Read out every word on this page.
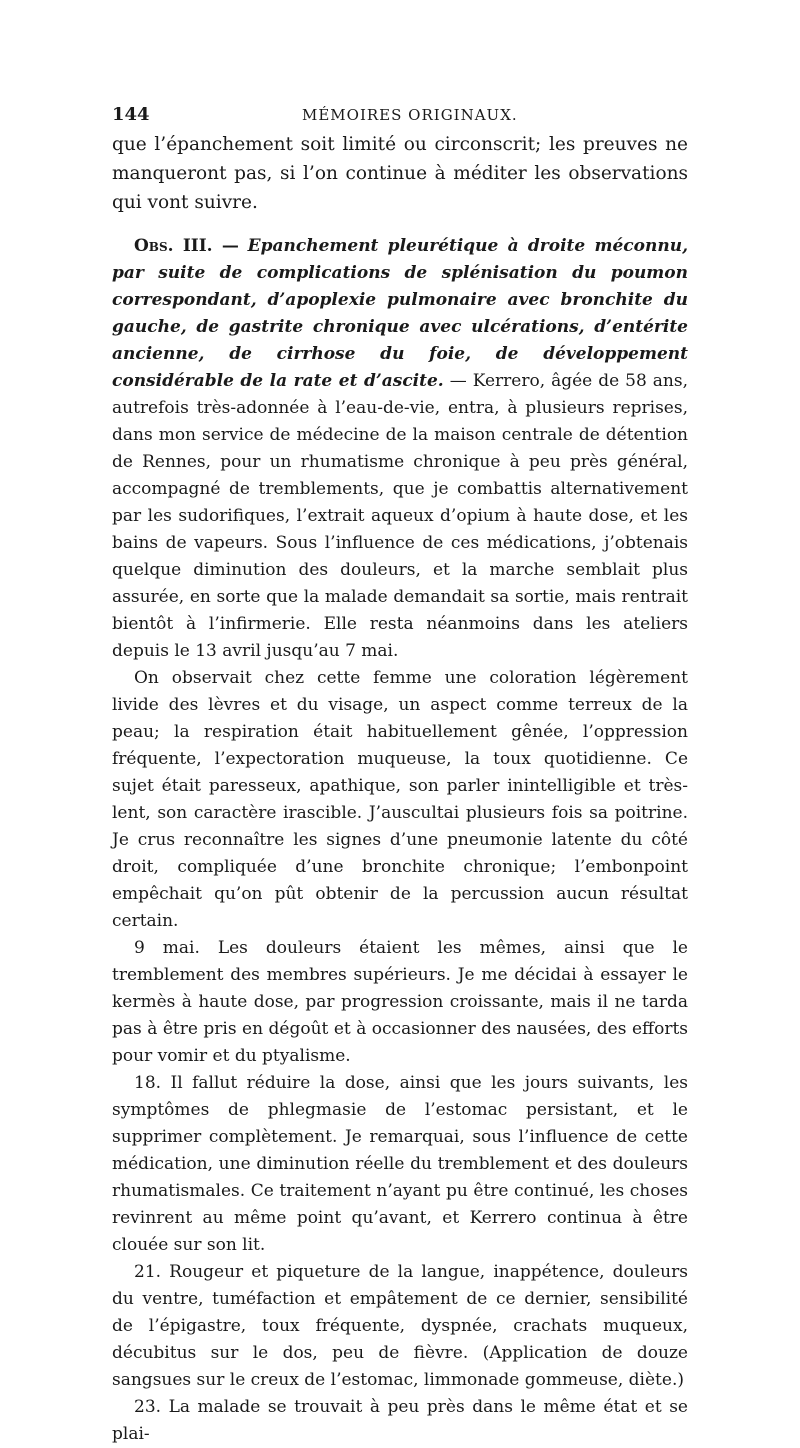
144	MÉMOIRES ORIGINAUX.

que l’épanchement soit limité ou circonscrit; les preuves ne manqueront pas, si l’on continue à méditer les observations qui vont suivre.

Obs. III. — Epanchement pleurétique à droite méconnu, par suite de complications de splénisation du poumon correspondant, d’apoplexie pulmonaire avec bronchite du gauche, de gastrite chronique avec ulcérations, d’entérite ancienne, de cirrhose du foie, de développement considérable de la rate et d’ascite. — Kerrero, âgée de 58 ans, autrefois très-adonnée à l’eau-de-vie, entra, à plusieurs reprises, dans mon service de médecine de la maison centrale de détention de Rennes, pour un rhumatisme chronique à peu près général, accompagné de tremblements, que je combattis alternativement par les sudorifiques, l’extrait aqueux d’opium à haute dose, et les bains de vapeurs. Sous l’influence de ces médications, j’obtenais quelque diminution des douleurs, et la marche semblait plus assurée, en sorte que la malade demandait sa sortie, mais rentrait bientôt à l’infirmerie. Elle resta néanmoins dans les ateliers depuis le 13 avril jusqu’au 7 mai.

On observait chez cette femme une coloration légèrement livide des lèvres et du visage, un aspect comme terreux de la peau; la respiration était habituellement gênée, l’oppression fréquente, l’expectoration muqueuse, la toux quotidienne. Ce sujet était paresseux, apathique, son parler inintelligible et très-lent, son caractère irascible. J’auscultai plusieurs fois sa poitrine. Je crus reconnaître les signes d’une pneumonie latente du côté droit, compliquée d’une bronchite chronique; l’embonpoint empêchait qu’on pût obtenir de la percussion aucun résultat certain.

9 mai. Les douleurs étaient les mêmes, ainsi que le tremblement des membres supérieurs. Je me décidai à essayer le kermès à haute dose, par progression croissante, mais il ne tarda pas à être pris en dégoût et à occasionner des nausées, des efforts pour vomir et du ptyalisme.

18. Il fallut réduire la dose, ainsi que les jours suivants, les symptômes de phlegmasie de l’estomac persistant, et le supprimer complètement. Je remarquai, sous l’influence de cette médication, une diminution réelle du tremblement et des douleurs rhumatismales. Ce traitement n’ayant pu être continué, les choses revinrent au même point qu’avant, et Kerrero continua à être clouée sur son lit.

21. Rougeur et piqueture de la langue, inappétence, douleurs du ventre, tuméfaction et empâtement de ce dernier, sensibilité de l’épigastre, toux fréquente, dyspnée, crachats muqueux, décubitus sur le dos, peu de fièvre. (Application de douze sangsues sur le creux de l’estomac, limmonade gommeuse, diète.)

23. La malade se trouvait à peu près dans le même état et se plai-
